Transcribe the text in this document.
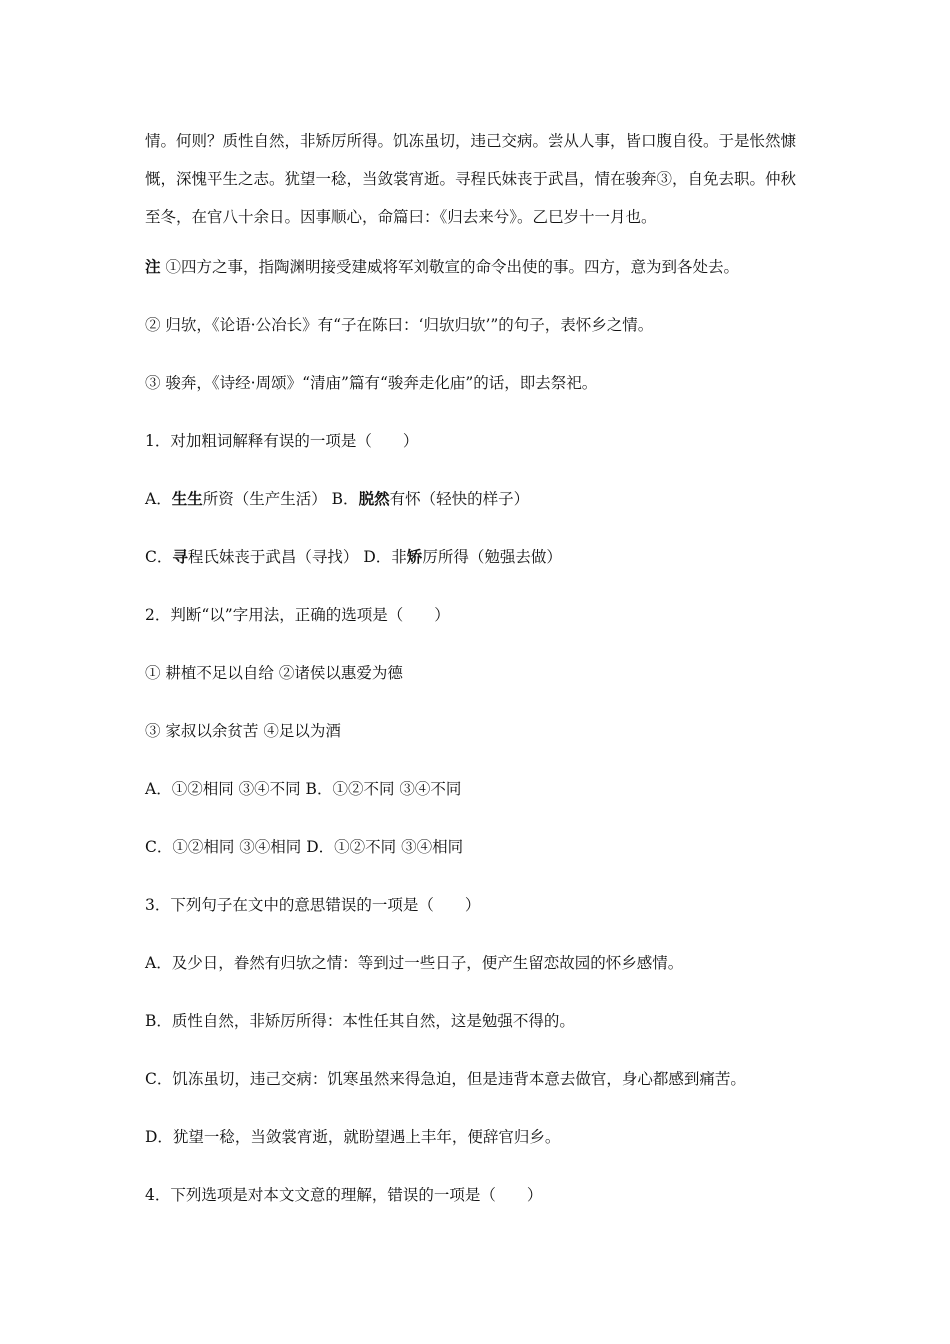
情。何则？质性自然，非矫厉所得。饥冻虽切，违己交病。尝从人事，皆口腹自役。于是怅然慷

慨，深愧平生之志。犹望一稔，当敛裳宵逝。寻程氏妹丧于武昌，情在骏奔③，自免去职。仲秋

至冬，在官八十余日。因事顺心，命篇曰：《归去来兮》。乙巳岁十一月也。

注 ①四方之事，指陶渊明接受建威将军刘敬宣的命令出使的事。四方，意为到各处去。

② 归欤，《论语·公冶长》有“子在陈曰：‘归欤归欤’”的句子，表怀乡之情。

③ 骏奔，《诗经·周颂》“清庙”篇有“骏奔走化庙”的话，即去祭祀。

1．对加粗词解释有误的一项是（　　）

A．生生所资（生产生活） B．脱然有怀（轻快的样子）

C．寻程氏妹丧于武昌（寻找） D．非矫厉所得（勉强去做）

2．判断“以”字用法，正确的选项是（　　）

① 耕植不足以自给 ②诸侯以惠爱为德

③ 家叔以余贫苦 ④足以为酒

A．①②相同 ③④不同 B．①②不同 ③④不同

C．①②相同 ③④相同 D．①②不同 ③④相同

3．下列句子在文中的意思错误的一项是（　　）

A．及少日，眷然有归欤之情：等到过一些日子，便产生留恋故园的怀乡感情。

B．质性自然，非矫厉所得：本性任其自然，这是勉强不得的。

C．饥冻虽切，违己交病：饥寒虽然来得急迫，但是违背本意去做官，身心都感到痛苦。

D．犹望一稔，当敛裳宵逝，就盼望遇上丰年，便辞官归乡。

4．下列选项是对本文文意的理解，错误的一项是（　　）
